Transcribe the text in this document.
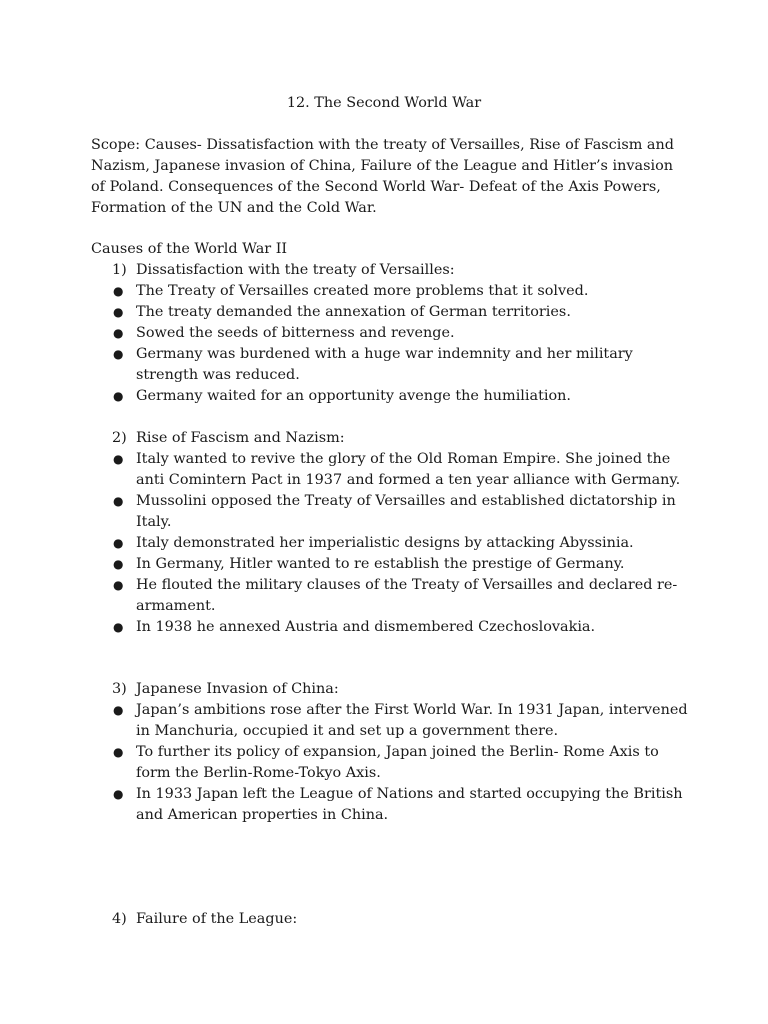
12. The Second World War

Scope: Causes- Dissatisfaction with the treaty of Versailles, Rise of Fascism and Nazism, Japanese invasion of China, Failure of the League and Hitler’s invasion of Poland. Consequences of the Second World War- Defeat of the Axis Powers, Formation of the UN and the Cold War.

Causes of the World War II

1) Dissatisfaction with the treaty of Versailles:
● The Treaty of Versailles created more problems that it solved.
● The treaty demanded the annexation of German territories.
● Sowed the seeds of bitterness and revenge.
● Germany was burdened with a huge war indemnity and her military strength was reduced.
● Germany waited for an opportunity avenge the humiliation.
2) Rise of Fascism and Nazism:
● Italy wanted to revive the glory of the Old Roman Empire. She joined the anti Comintern Pact in 1937 and formed a ten year alliance with Germany.
● Mussolini opposed the Treaty of Versailles and established dictatorship in Italy.
● Italy demonstrated her imperialistic designs by attacking Abyssinia.
● In Germany, Hitler wanted to re establish the prestige of Germany.
● He flouted the military clauses of the Treaty of Versailles and declared re-armament.
● In 1938 he annexed Austria and dismembered Czechoslovakia.
3) Japanese Invasion of China:
● Japan’s ambitions rose after the First World War. In 1931 Japan, intervened in Manchuria, occupied it and set up a government there.
● To further its policy of expansion, Japan joined the Berlin- Rome Axis to form the Berlin-Rome-Tokyo Axis.
● In 1933 Japan left the League of Nations and started occupying the British and American properties in China.
4) Failure of the League:
